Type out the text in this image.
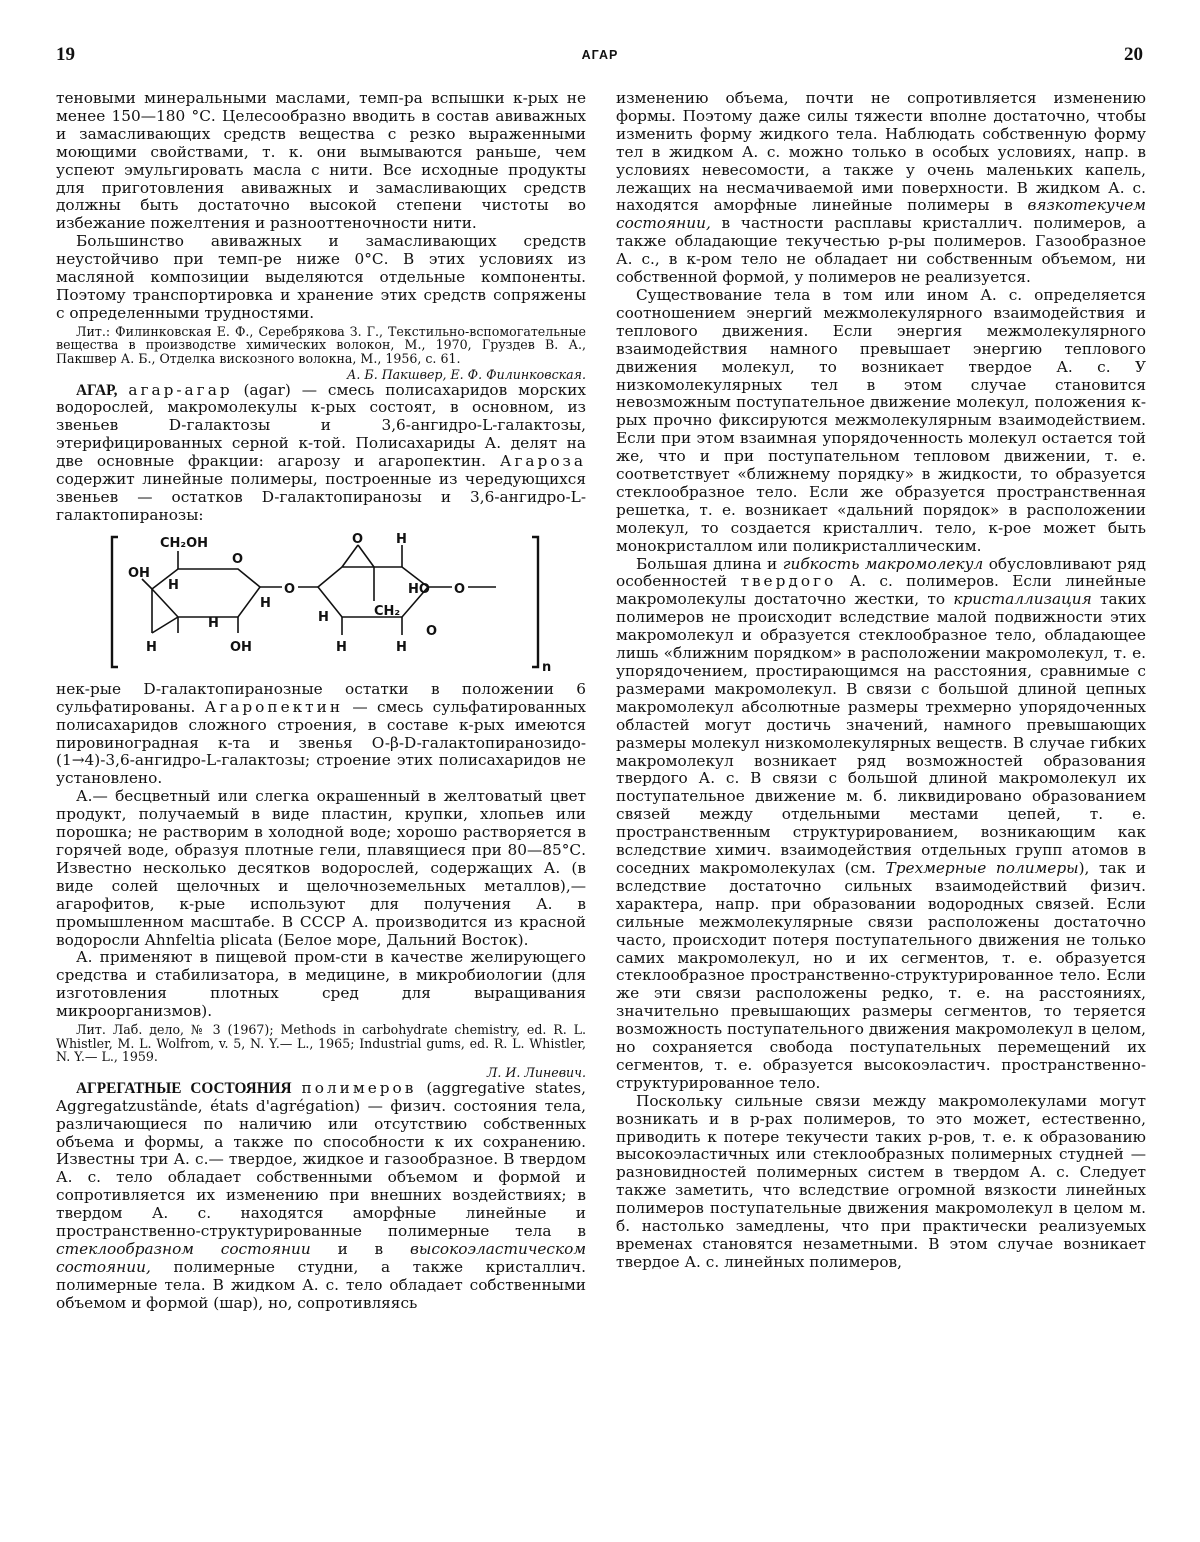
19	АГАР	20

теновыми минеральными маслами, темп-ра вспышки к-рых не менее 150—180 °С. Целесообразно вводить в состав авиважных и замасливающих средств вещества с резко выраженными моющими свойствами, т. к. они вымываются раньше, чем успеют эмульгировать масла с нити. Все исходные продукты для приготовления авиважных и замасливающих средств должны быть достаточно высокой степени чистоты во избежание пожелтения и разнооттеночности нити.

Большинство авиважных и замасливающих средств неустойчиво при темп-ре ниже 0°С. В этих условиях из масляной композиции выделяются отдельные компоненты. Поэтому транспортировка и хранение этих средств сопряжены с определенными трудностями.

Лит.: Филинковская Е. Ф., Серебрякова З. Г., Текстильно-вспомогательные вещества в производстве химических волокон, М., 1970, Груздев В. А., Пакшвер А. Б., Отделка вискозного волокна, М., 1956, с. 61.

А. Б. Пакшвер, Е. Ф. Филинковская.

АГАР, агар-агар (agar) — смесь полисахаридов морских водорослей, макромолекулы к-рых состоят, в основном, из звеньев D-галактозы и 3,6-ангидро-L-галактозы, этерифицированных серной к-той. Полисахариды А. делят на две основные фракции: агарозу и агаропектин. Агароза содержит линейные полимеры, построенные из чередующихся звеньев — остатков D-галактопиранозы и 3,6-ангидро-L-галактопиранозы:

CH₂OH
OH
O
H
H
H
H	OH
O
O	H
CH₂
HO
H
H
O
O
H
n

нек-рые D-галактопиранозные остатки в положении 6 сульфатированы. Агаропектин — смесь сульфатированных полисахаридов сложного строения, в составе к-рых имеются пировиноградная к-та и звенья O-β-D-галактопиранозидо-(1→4)-3,6-ангидро-L-галактозы; строение этих полисахаридов не установлено.

А.— бесцветный или слегка окрашенный в желтоватый цвет продукт, получаемый в виде пластин, крупки, хлопьев или порошка; не растворим в холодной воде; хорошо растворяется в горячей воде, образуя плотные гели, плавящиеся при 80—85°С. Известно несколько десятков водорослей, содержащих А. (в виде солей щелочных и щелочноземельных металлов),— агарофитов, к-рые используют для получения А. в промышленном масштабе. В СССР А. производится из красной водоросли Ahnfeltia plicata (Белое море, Дальний Восток).

А. применяют в пищевой пром-сти в качестве желирующего средства и стабилизатора, в медицине, в микробиологии (для изготовления плотных сред для выращивания микроорганизмов).

Лит. Лаб. дело, № 3 (1967); Methods in carbohydrate chemistry, ed. R. L. Whistler, M. L. Wolfrom, v. 5, N. Y.— L., 1965; Industrial gums, ed. R. L. Whistler, N. Y.— L., 1959.

Л. И. Линевич.

АГРЕГАТНЫЕ СОСТОЯНИЯ полимеров (aggregative states, Aggregatzustände, états d'agrégation) — физич. состояния тела, различающиеся по наличию или отсутствию собственных объема и формы, а также по способности к их сохранению. Известны три А. с.— твердое, жидкое и газообразное. В твердом А. с. тело обладает собственными объемом и формой и сопротивляется их изменению при внешних воздействиях; в твердом А. с. находятся аморфные линейные и пространственно-структурированные полимерные тела в стеклообразном состоянии и в высокоэластическом состоянии, полимерные студни, а также кристаллич. полимерные тела. В жидком А. с. тело обладает собственными объемом и формой (шар), но, сопротивляясь

изменению объема, почти не сопротивляется изменению формы. Поэтому даже силы тяжести вполне достаточно, чтобы изменить форму жидкого тела. Наблюдать собственную форму тел в жидком А. с. можно только в особых условиях, напр. в условиях невесомости, а также у очень маленьких капель, лежащих на несмачиваемой ими поверхности. В жидком А. с. находятся аморфные линейные полимеры в вязкотекучем состоянии, в частности расплавы кристаллич. полимеров, а также обладающие текучестью р-ры полимеров. Газообразное А. с., в к-ром тело не обладает ни собственным объемом, ни собственной формой, у полимеров не реализуется.

Существование тела в том или ином А. с. определяется соотношением энергий межмолекулярного взаимодействия и теплового движения. Если энергия межмолекулярного взаимодействия намного превышает энергию теплового движения молекул, то возникает твердое А. с. У низкомолекулярных тел в этом случае становится невозможным поступательное движение молекул, положения к-рых прочно фиксируются межмолекулярным взаимодействием. Если при этом взаимная упорядоченность молекул остается той же, что и при поступательном тепловом движении, т. е. соответствует «ближнему порядку» в жидкости, то образуется стеклообразное тело. Если же образуется пространственная решетка, т. е. возникает «дальний порядок» в расположении молекул, то создается кристаллич. тело, к-рое может быть монокристаллом или поликристаллическим.

Большая длина и гибкость макромолекул обусловливают ряд особенностей твердого А. с. полимеров. Если линейные макромолекулы достаточно жестки, то кристаллизация таких полимеров не происходит вследствие малой подвижности этих макромолекул и образуется стеклообразное тело, обладающее лишь «ближним порядком» в расположении макромолекул, т. е. упорядочением, простирающимся на расстояния, сравнимые с размерами макромолекул. В связи с большой длиной цепных макромолекул абсолютные размеры трехмерно упорядоченных областей могут достичь значений, намного превышающих размеры молекул низкомолекулярных веществ. В случае гибких макромолекул возникает ряд возможностей образования твердого А. с. В связи с большой длиной макромолекул их поступательное движение м. б. ликвидировано образованием связей между отдельными местами цепей, т. е. пространственным структурированием, возникающим как вследствие химич. взаимодействия отдельных групп атомов в соседних макромолекулах (см. Трехмерные полимеры), так и вследствие достаточно сильных взаимодействий физич. характера, напр. при образовании водородных связей. Если сильные межмолекулярные связи расположены достаточно часто, происходит потеря поступательного движения не только самих макромолекул, но и их сегментов, т. е. образуется стеклообразное пространственно-структурированное тело. Если же эти связи расположены редко, т. е. на расстояниях, значительно превышающих размеры сегментов, то теряется возможность поступательного движения макромолекул в целом, но сохраняется свобода поступательных перемещений их сегментов, т. е. образуется высокоэластич. пространственно-структурированное тело.

Поскольку сильные связи между макромолекулами могут возникать и в р-рах полимеров, то это может, естественно, приводить к потере текучести таких р-ров, т. е. к образованию высокоэластичных или стеклообразных полимерных студней — разновидностей полимерных систем в твердом А. с. Следует также заметить, что вследствие огромной вязкости линейных полимеров поступательные движения макромолекул в целом м. б. настолько замедлены, что при практически реализуемых временах становятся незаметными. В этом случае возникает твердое А. с. линейных полимеров,
